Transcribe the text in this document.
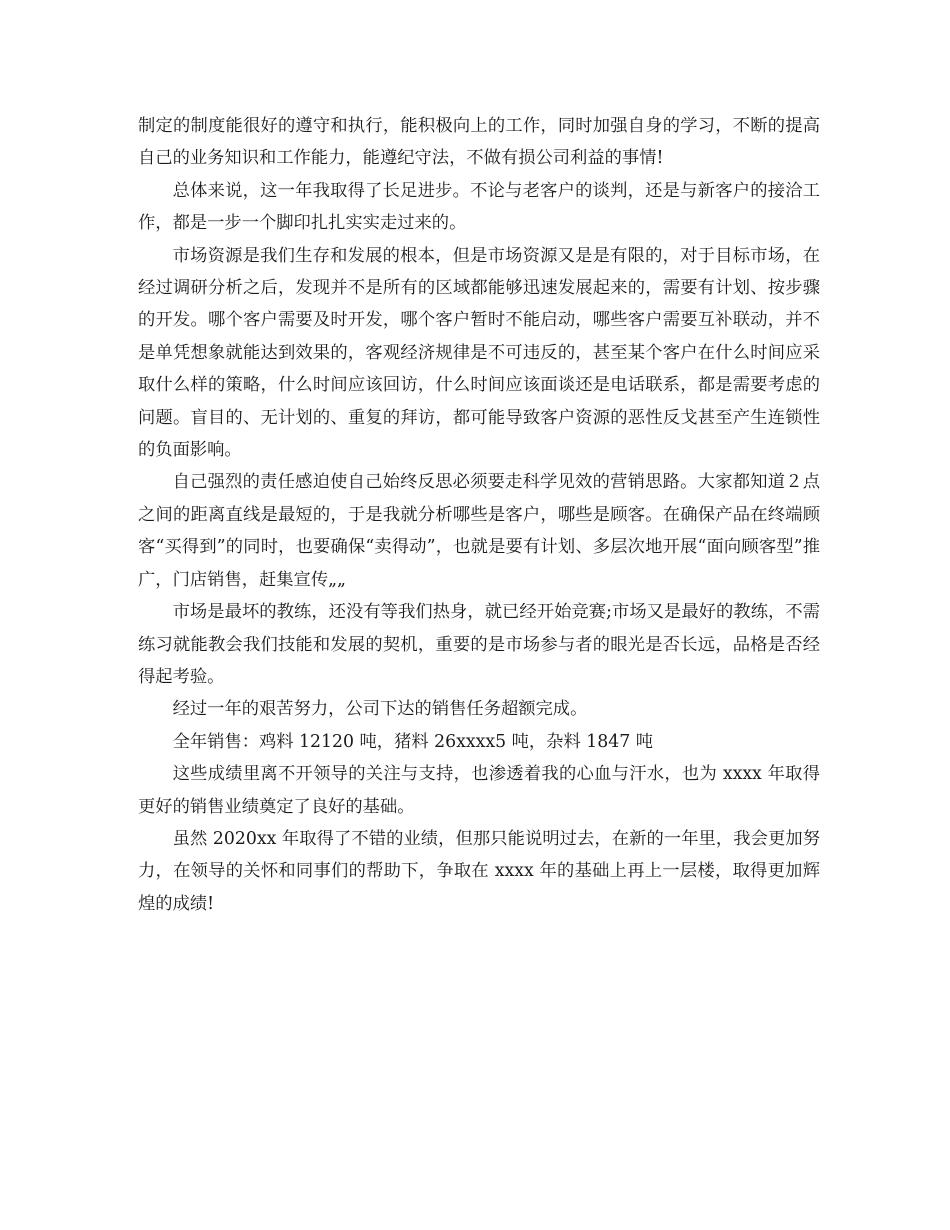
制定的制度能很好的遵守和执行，能积极向上的工作，同时加强自身的学习，不断的提高自己的业务知识和工作能力，能遵纪守法，不做有损公司利益的事情!

总体来说，这一年我取得了长足进步。不论与老客户的谈判，还是与新客户的接洽工作，都是一步一个脚印扎扎实实走过来的。

市场资源是我们生存和发展的根本，但是市场资源又是是有限的，对于目标市场，在经过调研分析之后，发现并不是所有的区域都能够迅速发展起来的，需要有计划、按步骤的开发。哪个客户需要及时开发，哪个客户暂时不能启动，哪些客户需要互补联动，并不是单凭想象就能达到效果的，客观经济规律是不可违反的，甚至某个客户在什么时间应采取什么样的策略，什么时间应该回访，什么时间应该面谈还是电话联系，都是需要考虑的问题。盲目的、无计划的、重复的拜访，都可能导致客户资源的恶性反戈甚至产生连锁性的负面影响。

自己强烈的责任感迫使自己始终反思必须要走科学见效的营销思路。大家都知道２点之间的距离直线是最短的，于是我就分析哪些是客户，哪些是顾客。在确保产品在终端顾客“买得到”的同时，也要确保“卖得动”，也就是要有计划、多层次地开展“面向顾客型”推广，门店销售，赶集宣传„„

市场是最坏的教练，还没有等我们热身，就已经开始竞赛;市场又是最好的教练，不需练习就能教会我们技能和发展的契机，重要的是市场参与者的眼光是否长远，品格是否经得起考验。

经过一年的艰苦努力，公司下达的销售任务超额完成。

全年销售：鸡料 12120 吨，猪料 26xxxx5 吨，杂料 1847 吨

这些成绩里离不开领导的关注与支持，也渗透着我的心血与汗水，也为 xxxx 年取得更好的销售业绩奠定了良好的基础。

虽然 2020xx 年取得了不错的业绩，但那只能说明过去，在新的一年里，我会更加努力，在领导的关怀和同事们的帮助下，争取在 xxxx 年的基础上再上一层楼，取得更加辉煌的成绩!
